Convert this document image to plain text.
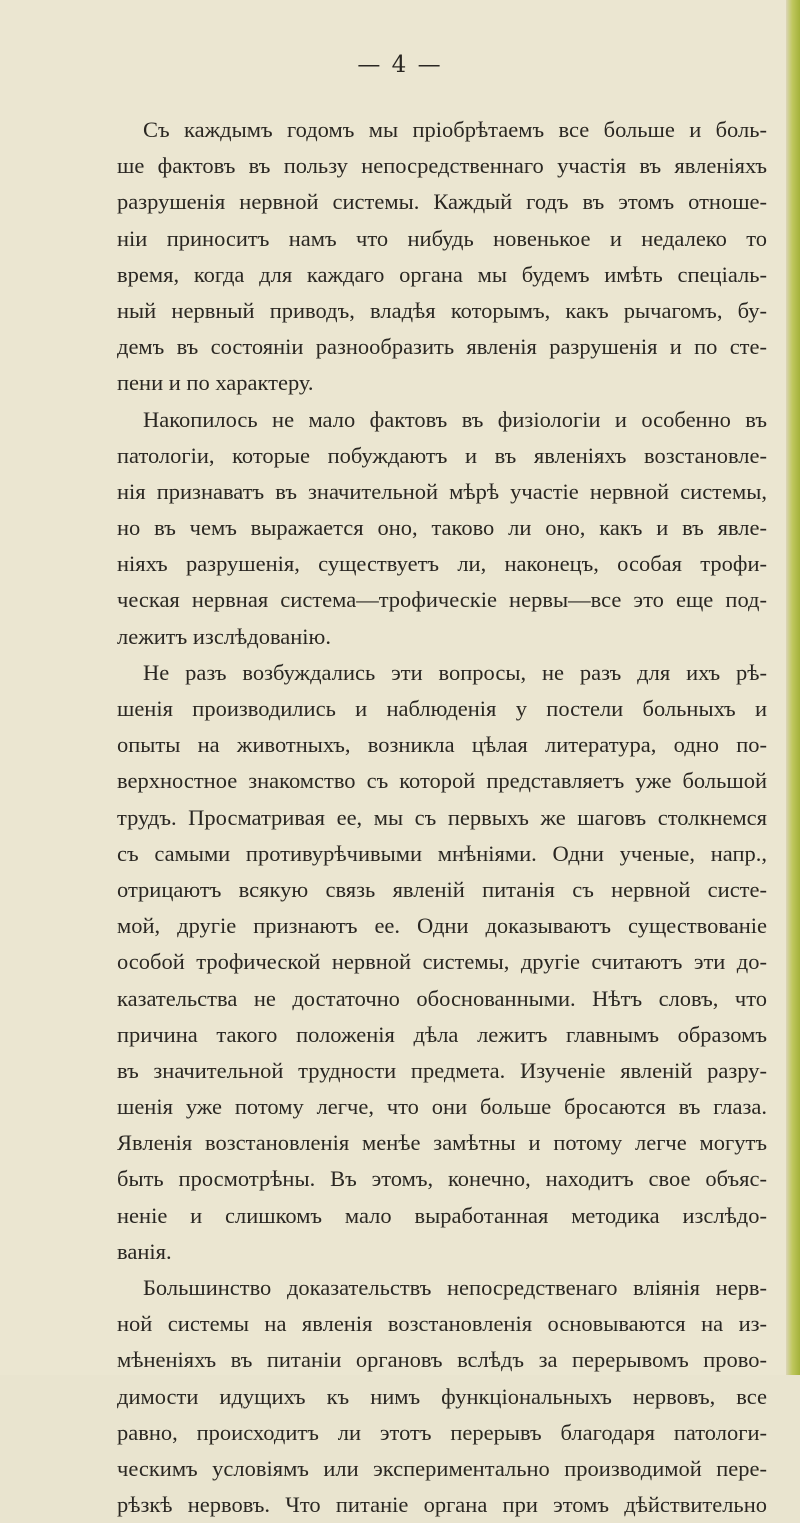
— 4 —
Съ каждымъ годомъ мы пріобрѣтаемъ все больше и боль-
ше фактовъ въ пользу непосредственнаго участія въ явленіяхъ
разрушенія нервной системы. Каждый годъ въ этомъ отноше-
ніи приноситъ намъ что нибудь новенькое и недалеко то
время, когда для каждаго органа мы будемъ имѣть спеціаль-
ный нервный приводъ, владѣя которымъ, какъ рычагомъ, бу-
демъ въ состояніи разнообразить явленія разрушенія и по сте-
пени и по характеру.
Накопилось не мало фактовъ въ физіологіи и особенно въ
патологіи, которые побуждаютъ и въ явленіяхъ возстановле-
нія признаватъ въ значительной мѣрѣ участіе нервной системы,
но въ чемъ выражается оно, таково ли оно, какъ и въ явле-
ніяхъ разрушенія, существуетъ ли, наконецъ, особая трофи-
ческая нервная система—трофическіе нервы—все это еще под-
лежитъ изслѣдованію.
Не разъ возбуждались эти вопросы, не разъ для ихъ рѣ-
шенія производились и наблюденія у постели больныхъ и
опыты на животныхъ, возникла цѣлая литература, одно по-
верхностное знакомство съ которой представляетъ уже большой
трудъ. Просматривая ее, мы съ первыхъ же шаговъ столкнемся
съ самыми противурѣчивыми мнѣніями. Одни ученые, напр.,
отрицаютъ всякую связь явленій питанія съ нервной систе-
мой, другіе признаютъ ее. Одни доказываютъ существованіе
особой трофической нервной системы, другіе считаютъ эти до-
казательства не достаточно обоснованными. Нѣтъ словъ, что
причина такого положенія дѣла лежитъ главнымъ образомъ
въ значительной трудности предмета. Изученіе явленій разру-
шенія уже потому легче, что они больше бросаются въ глаза.
Явленія возстановленія менѣе замѣтны и потому легче могутъ
быть просмотрѣны. Въ этомъ, конечно, находитъ свое объяс-
неніе и слишкомъ мало выработанная методика изслѣдо-
ванія.
Большинство доказательствъ непосредственаго вліянія нерв-
ной системы на явленія возстановленія основываются на из-
мѣненіяхъ въ питаніи органовъ вслѣдъ за перерывомъ прово-
димости идущихъ къ нимъ функціональныхъ нервовъ, все
равно, происходитъ ли этотъ перерывъ благодаря патологи-
ческимъ условіямъ или экспериментально производимой пере-
рѣзкѣ нервовъ. Что питаніе органа при этомъ дѣйствительно
